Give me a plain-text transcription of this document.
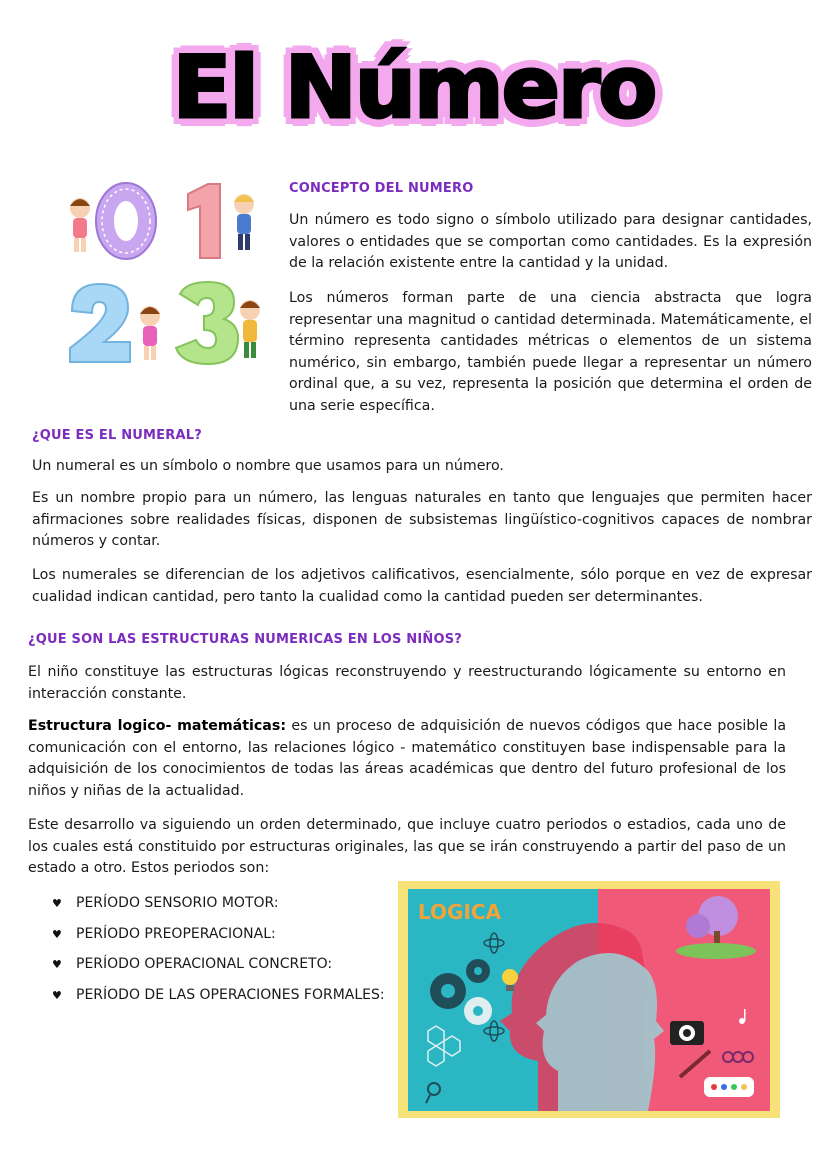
El Número
CONCEPTO DEL NUMERO

Un número es todo signo o símbolo utilizado para designar cantidades, valores o entidades que se comportan como cantidades. Es la expresión de la relación existente entre la cantidad y la unidad.

Los números forman parte de una ciencia abstracta que logra representar una magnitud o cantidad determinada. Matemáticamente, el término representa cantidades métricas o elementos de un sistema numérico, sin embargo, también puede llegar a representar un número ordinal que, a su vez, representa la posición que determina el orden de una serie específica.

¿QUE ES EL NUMERAL?

Un numeral es un símbolo o nombre que usamos para un número.

Es un nombre propio para un número, las lenguas naturales en tanto que lenguajes que permiten hacer afirmaciones sobre realidades físicas, disponen de subsistemas lingüístico-cognitivos capaces de nombrar números y contar.

Los numerales se diferencian de los adjetivos calificativos, esencialmente, sólo porque en vez de expresar cualidad indican cantidad, pero tanto la cualidad como la cantidad pueden ser determinantes.

¿QUE SON LAS ESTRUCTURAS NUMERICAS EN LOS NIÑOS?

El niño constituye las estructuras lógicas reconstruyendo y reestructurando lógicamente su entorno en interacción constante.

Estructura logico- matemáticas: es un proceso de adquisición de nuevos códigos que hace posible la comunicación con el entorno, las relaciones lógico - matemático constituyen base indispensable para la adquisición de los conocimientos de todas las áreas académicas que dentro del futuro profesional de los niños y niñas de la actualidad.

Este desarrollo va siguiendo un orden determinado, que incluye cuatro periodos o estadios, cada uno de los cuales está constituido por estructuras originales, las que se irán construyendo a partir del paso de un estado a otro. Estos periodos son:

♥ PERÍODO SENSORIO MOTOR:
♥ PERÍODO PREOPERACIONAL:
♥ PERÍODO OPERACIONAL CONCRETO:
♥ PERÍODO DE LAS OPERACIONES FORMALES:
LOGICA
